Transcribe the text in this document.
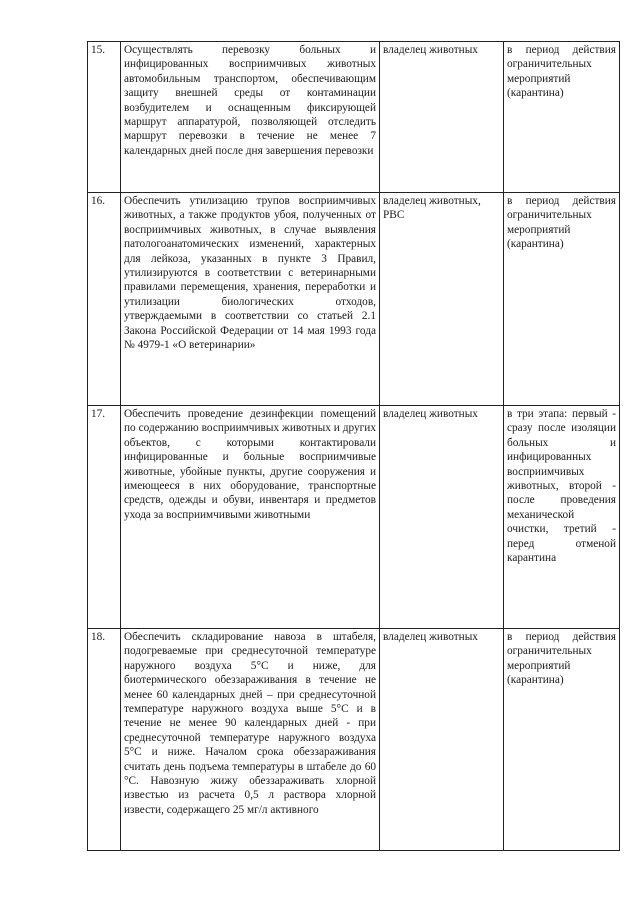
15.	Осуществлять перевозку больных и инфицированных восприимчивых животных автомобильным транспортом, обеспечивающим защиту внешней среды от контаминации возбудителем и оснащенным фиксирующей маршрут аппаратурой, позволяющей отследить маршрут перевозки в течение не менее 7 календарных дней после дня завершения перевозки	владелец животных	в период действия ограничительных мероприятий (карантина)
16.	Обеспечить утилизацию трупов восприимчивых животных, а также продуктов убоя, полученных от восприимчивых животных, в случае выявления патологоанатомических изменений, характерных для лейкоза, указанных в пункте 3 Правил, утилизируются в соответствии с ветеринарными правилами перемещения, хранения, переработки и утилизации биологических отходов, утверждаемыми в соответствии со статьей 2.1 Закона Российской Федерации от 14 мая 1993 года № 4979-1 «О ветеринарии»	владелец животных, РВС	в период действия ограничительных мероприятий (карантина)
17.	Обеспечить проведение дезинфекции помещений по содержанию восприимчивых животных и других объектов, с которыми контактировали инфицированные и больные восприимчивые животные, убойные пункты, другие сооружения и имеющееся в них оборудование, транспортные средств, одежды и обуви, инвентаря и предметов ухода за восприимчивыми животными	владелец животных	в три этапа: первый - сразу после изоляции больных и инфицированных восприимчивых животных, второй - после проведения механической очистки, третий - перед отменой карантина
18.	Обеспечить складирование навоза в штабеля, подогреваемые при среднесуточной температуре наружного воздуха 5°С и ниже, для биотермического обеззараживания в течение не менее 60 календарных дней – при среднесуточной температуре наружного воздуха выше 5°С и в течение не менее 90 календарных дней - при среднесуточной температуре наружного воздуха 5°С и ниже. Началом срока обеззараживания считать день подъема температуры в штабеле до 60 °С. Навозную жижу обеззараживать хлорной известью из расчета 0,5 л раствора хлорной извести, содержащего 25 мг/л активного	владелец животных	в период действия ограничительных мероприятий (карантина)
